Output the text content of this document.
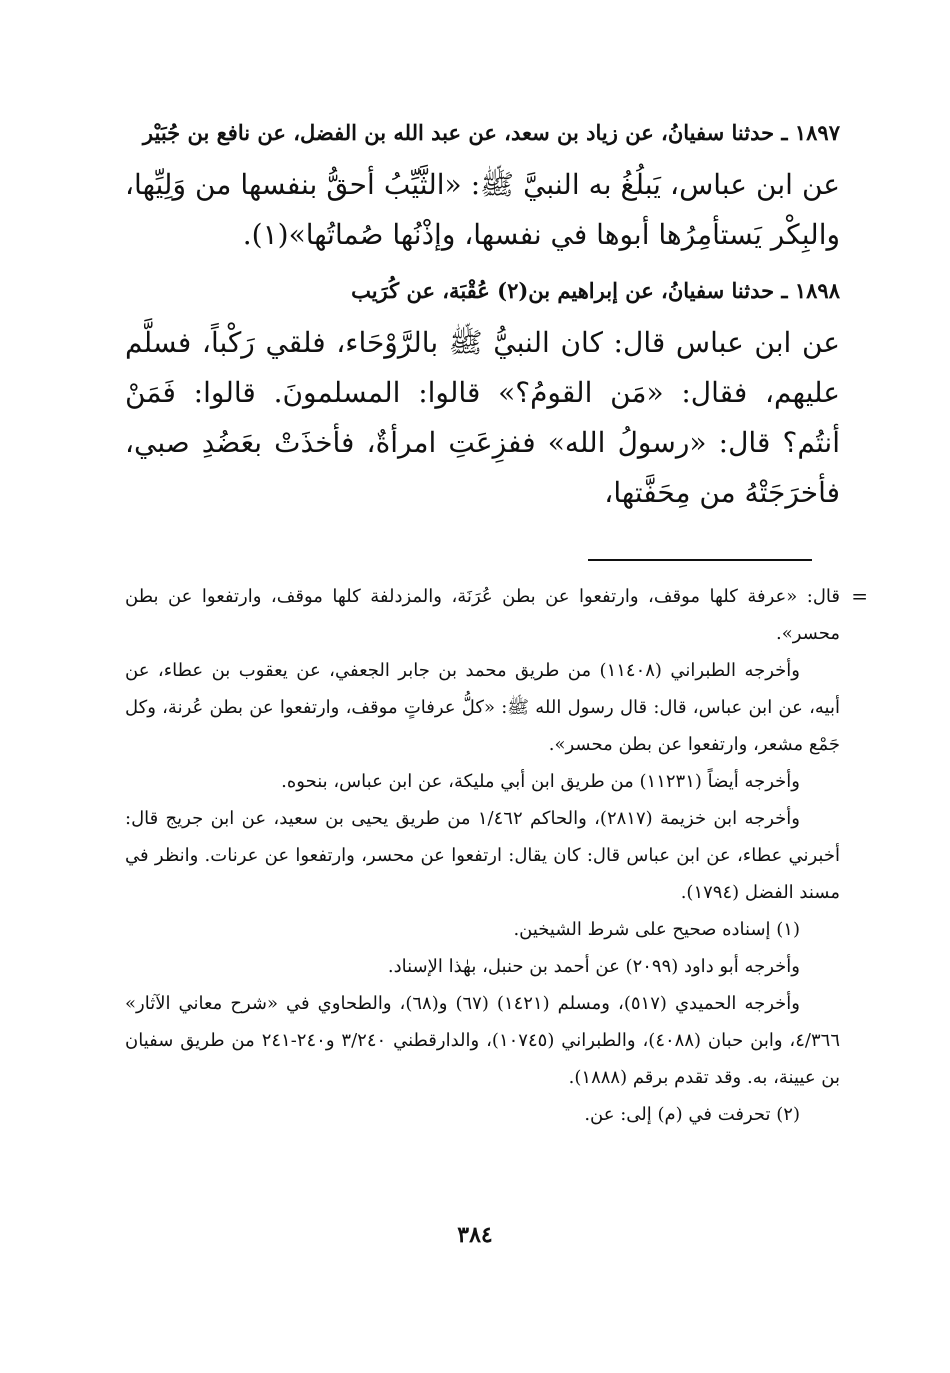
١٨٩٧ ـ حدثنا سفيانُ، عن زياد بن سعد، عن عبد الله بن الفضل، عن نافع بن جُبَيْر

عن ابن عباس، يَبلُغُ به النبيَّ ﷺ: «الثَّيِّبُ أحقُّ بنفسها من وَلِيِّها، والبِكْر يَستأمِرُها أبوها في نفسها، وإذْنُها صُماتُها»(١).

١٨٩٨ ـ حدثنا سفيانُ، عن إبراهيم بن(٢) عُقْبَة، عن كُرَيب

عن ابن عباس قال: كان النبيُّ ﷺ بالرَّوْحَاء، فلقي رَكْباً، فسلَّم عليهم، فقال: «مَن القومُ؟» قالوا: المسلمونَ. قالوا: فَمَنْ أنتُم؟ قال: «رسولُ الله» ففزِعَتِ امرأةٌ، فأخذَتْ بعَضُدِ صبي، فأخرَجَتْهُ من مِحَفَّتها،

=
قال: «عرفة كلها موقف، وارتفعوا عن بطن عُرَنَة، والمزدلفة كلها موقف، وارتفعوا عن بطن محسر».

وأخرجه الطبراني (١١٤٠٨) من طريق محمد بن جابر الجعفي، عن يعقوب بن عطاء، عن أبيه، عن ابن عباس، قال: قال رسول الله ﷺ: «كلُّ عرفاتٍ موقف، وارتفعوا عن بطن عُرنة، وكل جَمْع مشعر، وارتفعوا عن بطن محسر».

وأخرجه أيضاً (١١٢٣١) من طريق ابن أبي مليكة، عن ابن عباس، بنحوه.

وأخرجه ابن خزيمة (٢٨١٧)، والحاكم ١/٤٦٢ من طريق يحيى بن سعيد، عن ابن جريج قال: أخبرني عطاء، عن ابن عباس قال: كان يقال: ارتفعوا عن محسر، وارتفعوا عن عرنات. وانظر في مسند الفضل (١٧٩٤).

(١) إسناده صحيح على شرط الشيخين.

وأخرجه أبو داود (٢٠٩٩) عن أحمد بن حنبل، بهٰذا الإسناد.

وأخرجه الحميدي (٥١٧)، ومسلم (١٤٢١) (٦٧) و(٦٨)، والطحاوي في «شرح معاني الآثار» ٤/٣٦٦، وابن حبان (٤٠٨٨)، والطبراني (١٠٧٤٥)، والدارقطني ٣/٢٤٠ و٢٤٠-٢٤١ من طريق سفيان بن عيينة، به. وقد تقدم برقم (١٨٨٨).

(٢) تحرفت في (م) إلى: عن.

٣٨٤
